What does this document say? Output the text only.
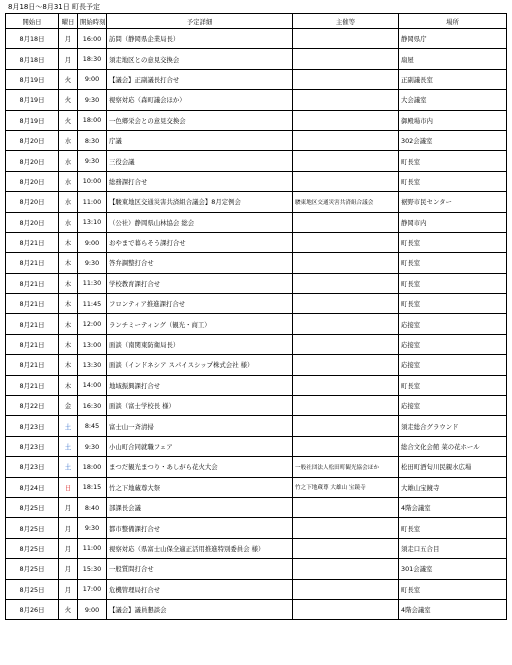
8月18日～8月31日 町長予定
開始日	曜日	開始時刻	予定詳細	主催等	場所
8月18日	月	16:00	訪問（静岡県企業局長）		静岡県庁
8月18日	月	18:30	須走地区との意見交換会		扇屋
8月19日	火	9:00	【議会】正副議長打合せ		正副議長室
8月19日	火	9:30	視察対応（森町議会ほか）		大会議室
8月19日	火	18:00	一色郷栄会との意見交換会		御殿場市内
8月20日	水	8:30	庁議		302会議室
8月20日	水	9:30	三役会議		町長室
8月20日	水	10:00	総務課打合せ		町長室
8月20日	水	11:00	【駿東地区交通災害共済組合議会】8月定例会	駿東地区交通災害共済組合議会	裾野市民センター
8月20日	水	13:10	（公社）静岡県山林協会 総会		静岡市内
8月21日	木	9:00	おやまで暮らそう課打合せ		町長室
8月21日	木	9:30	答弁調整打合せ		町長室
8月21日	木	11:30	学校教育課打合せ		町長室
8月21日	木	11:45	フロンティア推進課打合せ		町長室
8月21日	木	12:00	ランチミーティング（観光・商工）		応接室
8月21日	木	13:00	面談（南関東防衛局長）		応接室
8月21日	木	13:30	面談（インドネシア スパイスシップ株式会社 様）		応接室
8月21日	木	14:00	地域振興課打合せ		町長室
8月22日	金	16:30	面談（富士学校長 様）		応接室
8月23日	土	8:45	富士山一斉清掃		須走総合グラウンド
8月23日	土	9:30	小山町合同就職フェア		総合文化会館 菜の花ホール
8月23日	土	18:00	まつだ観光まつり・あしがら花火大会	一般社団法人松田町観光協会ほか	松田町酒匂川民親水広場
8月24日	日	18:15	竹之下地蔵尊大祭	竹之下地蔵尊 大雄山 宝鏡寺	大雄山宝鏡寺
8月25日	月	8:40	部課長会議		4階会議室
8月25日	月	9:30	都市整備課打合せ		町長室
8月25日	月	11:00	視察対応（県富士山保全適正活用推進特別委員会 様）		須走口五合目
8月25日	月	15:30	一般質問打合せ		301会議室
8月25日	月	17:00	危機管理局打合せ		町長室
8月26日	火	9:00	【議会】議員懇談会		4階会議室
